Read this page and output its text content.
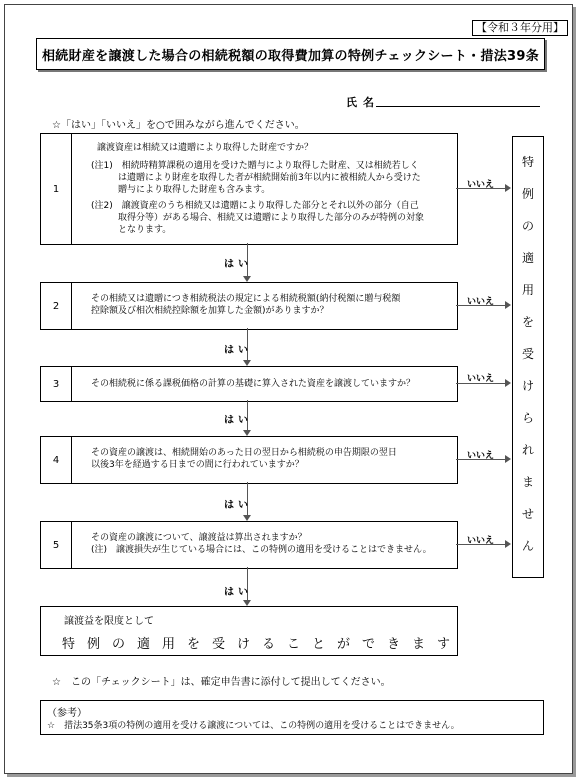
【令和３年分用】
相続財産を譲渡した場合の相続税額の取得費加算の特例チェックシート・措法39条
氏名
☆「はい」「いいえ」を○で囲みながら進んでください。
1
譲渡資産は相続又は遺贈により取得した財産ですか？
(注1)　相続時精算課税の適用を受けた贈与により取得した財産、又は相続若しく
　　　は遺贈により財産を取得した者が相続開始前3年以内に被相続人から受けた
　　　贈与により取得した財産も含みます。
(注2)　譲渡資産のうち相続又は遺贈により取得した部分とそれ以外の部分（自己
　　　取得分等）がある場合、相続又は遺贈により取得した部分のみが特例の対象
　　　となります。
2
その相続又は遺贈につき相続税法の規定による相続税額(納付税額に贈与税額
控除額及び相次相続控除額を加算した金額)がありますか？
3	その相続税に係る課税価格の計算の基礎に算入された資産を譲渡していますか？
4
その資産の譲渡は、相続開始のあった日の翌日から相続税の申告期限の翌日
以後3年を経過する日までの間に行われていますか？
5
その資産の譲渡について、譲渡益は算出されますか？
(注)　譲渡損失が生じている場合には、この特例の適用を受けることはできません。
はい
はい
はい
はい
はい
いいえ
いいえ
いいえ
いいえ
いいえ
特
例
の
適
用
を
受
け
ら
れ
ま
せ
ん
譲渡益を限度として
特例の適用を受けることができます
☆　この「チェックシート」は、確定申告書に添付して提出してください。
（参考）
☆　措法35条3項の特例の適用を受ける譲渡については、この特例の適用を受けることはできません。
